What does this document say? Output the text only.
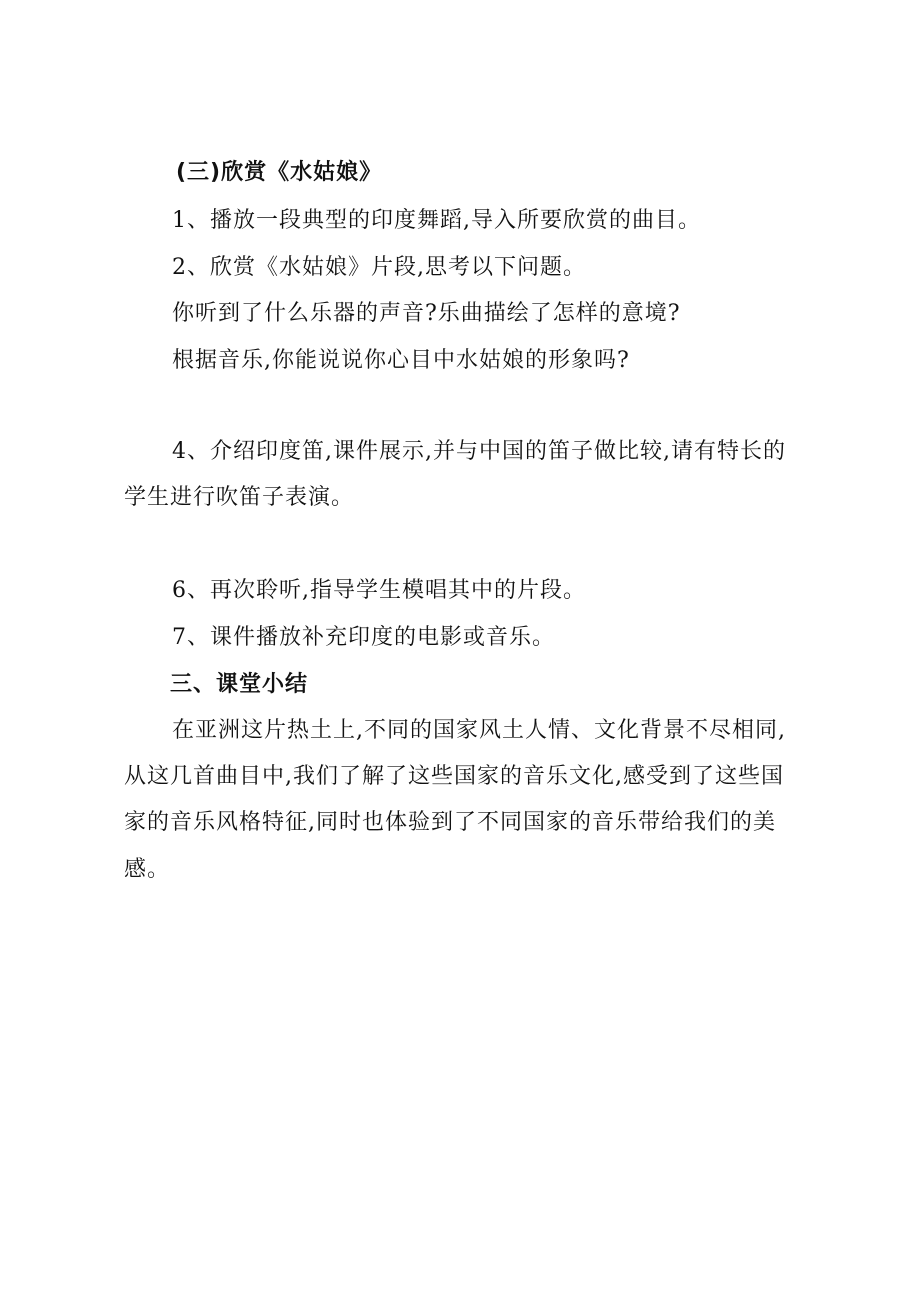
(三)欣赏《水姑娘》
1、播放一段典型的印度舞蹈,导入所要欣赏的曲目。
2、欣赏《水姑娘》片段,思考以下问题。
你听到了什么乐器的声音?乐曲描绘了怎样的意境?
根据音乐,你能说说你心目中水姑娘的形象吗?
4、介绍印度笛,课件展示,并与中国的笛子做比较,请有特长的
学生进行吹笛子表演。
6、再次聆听,指导学生模唱其中的片段。
7、课件播放补充印度的电影或音乐。
三、课堂小结
在亚洲这片热土上,不同的国家风土人情、文化背景不尽相同,
从这几首曲目中,我们了解了这些国家的音乐文化,感受到了这些国
家的音乐风格特征,同时也体验到了不同国家的音乐带给我们的美
感。
